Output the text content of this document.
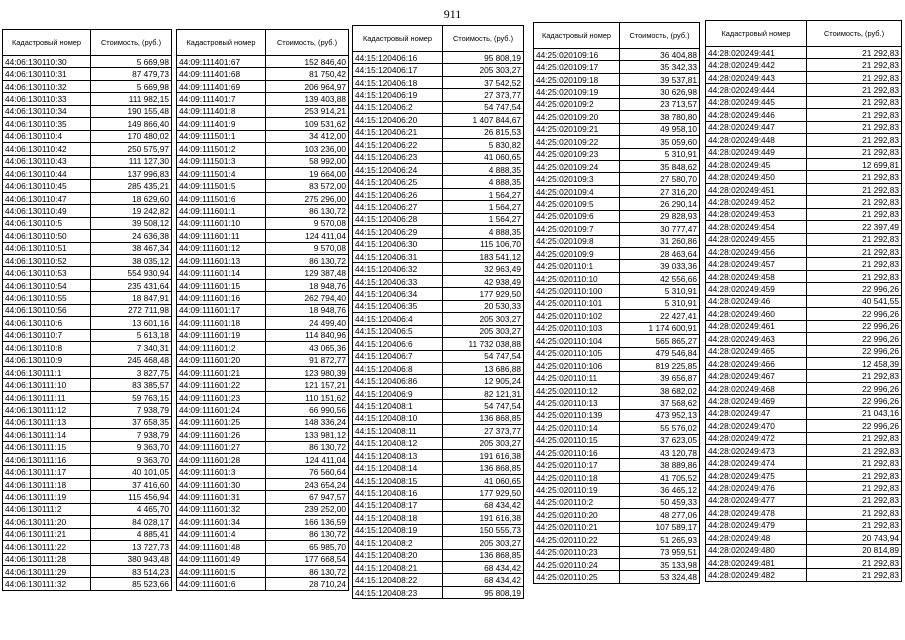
911
Кадастровый номер	Стоимость, (руб.)
44:06:130110:30	5 669,98
44:06:130110:31	87 479,73
44:06:130110:32	5 669,98
44:06:130110:33	111 982,15
44:06:130110:34	190 155,48
44:06:130110:35	149 866,40
44:06:130110:4	170 480,02
44:06:130110:42	250 575,97
44:06:130110:43	111 127,30
44:06:130110:44	137 996,83
44:06:130110:45	285 435,21
44:06:130110:47	18 629,60
44:06:130110:49	19 242,82
44:06:130110:5	39 508,12
44:06:130110:50	24 636,38
44:06:130110:51	38 467,34
44:06:130110:52	38 035,12
44:06:130110:53	554 930,94
44:06:130110:54	235 431,64
44:06:130110:55	18 847,91
44:06:130110:56	272 711,98
44:06:130110:6	13 601,16
44:06:130110:7	5 613,18
44:06:130110:8	7 340,31
44:06:130110:9	245 468,48
44:06:130111:1	3 827,75
44:06:130111:10	83 385,57
44:06:130111:11	59 763,15
44:06:130111:12	7 938,79
44:06:130111:13	37 658,35
44:06:130111:14	7 938,79
44:06:130111:15	9 363,70
44:06:130111:16	9 363,70
44:06:130111:17	40 101,05
44:06:130111:18	37 416,60
44:06:130111:19	115 456,94
44:06:130111:2	4 465,70
44:06:130111:20	84 028,17
44:06:130111:21	4 885,41
44:06:130111:22	13 727,73
44:06:130111:28	380 943,48
44:06:130111:29	83 514,23
44:06:130111:32	85 523,66
Кадастровый номер	Стоимость, (руб.)
44:09:111401:67	152 846,40
44:09:111401:68	81 750,42
44:09:111401:69	206 964,97
44:09:111401:7	139 403,88
44:09:111401:8	253 914,21
44:09:111401:9	109 531,62
44:09:111501:1	34 412,00
44:09:111501:2	103 236,00
44:09:111501:3	58 992,00
44:09:111501:4	19 664,00
44:09:111501:5	83 572,00
44:09:111501:6	275 296,00
44:09:111601:1	86 130,72
44:09:111601:10	9 570,08
44:09:111601:11	124 411,04
44:09:111601:12	9 570,08
44:09:111601:13	86 130,72
44:09:111601:14	129 387,48
44:09:111601:15	18 948,76
44:09:111601:16	262 794,40
44:09:111601:17	18 948,76
44:09:111601:18	24 499,40
44:09:111601:19	114 840,96
44:09:111601:2	43 065,36
44:09:111601:20	91 872,77
44:09:111601:21	123 980,39
44:09:111601:22	121 157,21
44:09:111601:23	110 151,62
44:09:111601:24	66 990,56
44:09:111601:25	148 336,24
44:09:111601:26	133 981,12
44:09:111601:27	86 130,72
44:09:111601:28	124 411,04
44:09:111601:3	76 560,64
44:09:111601:30	243 654,24
44:09:111601:31	67 947,57
44:09:111601:32	239 252,00
44:09:111601:34	166 136,59
44:09:111601:4	86 130,72
44:09:111601:48	65 985,70
44:09:111601:49	177 668,54
44:09:111601:5	86 130,72
44:09:111601:6	28 710,24
Кадастровый номер	Стоимость, (руб.)
44:15:120406:16	95 808,19
44:15:120406:17	205 303,27
44:15:120406:18	37 542,52
44:15:120406:19	27 373,77
44:15:120406:2	54 747,54
44:15:120406:20	1 407 844,67
44:15:120406:21	26 815,53
44:15:120406:22	5 830,82
44:15:120406:23	41 060,65
44:15:120406:24	4 888,35
44:15:120406:25	4 888,35
44:15:120406:26	1 564,27
44:15:120406:27	1 564,27
44:15:120406:28	1 564,27
44:15:120406:29	4 888,35
44:15:120406:30	115 106,70
44:15:120406:31	183 541,12
44:15:120406:32	32 963,49
44:15:120406:33	42 938,49
44:15:120406:34	177 929,50
44:15:120406:35	20 530,33
44:15:120406:4	205 303,27
44:15:120406:5	205 303,27
44:15:120406:6	11 732 038,88
44:15:120406:7	54 747,54
44:15:120406:8	13 686,88
44:15:120406:86	12 905,24
44:15:120406:9	82 121,31
44:15:120408:1	54 747,54
44:15:120408:10	136 868,85
44:15:120408:11	27 373,77
44:15:120408:12	205 303,27
44:15:120408:13	191 616,38
44:15:120408:14	136 868,85
44:15:120408:15	41 060,65
44:15:120408:16	177 929,50
44:15:120408:17	68 434,42
44:15:120408:18	191 616,38
44:15:120408:19	150 555,73
44:15:120408:2	205 303,27
44:15:120408:20	136 868,85
44:15:120408:21	68 434,42
44:15:120408:22	68 434,42
44:15:120408:23	95 808,19
Кадастровый номер	Стоимость, (руб.)
44:25:020109:16	36 404,88
44:25:020109:17	35 342,33
44:25:020109:18	39 537,81
44:25:020109:19	30 626,98
44:25:020109:2	23 713,57
44:25:020109:20	38 780,80
44:25:020109:21	49 958,10
44:25:020109:22	35 059,60
44:25:020109:23	5 310,91
44:25:020109:24	35 848,62
44:25:020109:3	27 580,70
44:25:020109:4	27 316,20
44:25:020109:5	26 290,14
44:25:020109:6	29 828,93
44:25:020109:7	30 777,47
44:25:020109:8	31 260,86
44:25:020109:9	28 463,64
44:25:020110:1	39 033,36
44:25:020110:10	42 556,66
44:25:020110:100	5 310,91
44:25:020110:101	5 310,91
44:25:020110:102	22 427,41
44:25:020110:103	1 174 600,91
44:25:020110:104	565 865,27
44:25:020110:105	479 546,84
44:25:020110:106	819 225,85
44:25:020110:11	39 656,87
44:25:020110:12	38 682,02
44:25:020110:13	37 568,62
44:25:020110:139	473 952,13
44:25:020110:14	55 576,02
44:25:020110:15	37 623,05
44:25:020110:16	43 120,78
44:25:020110:17	38 889,86
44:25:020110:18	41 705,52
44:25:020110:19	36 465,12
44:25:020110:2	50 459,33
44:25:020110:20	48 277,06
44:25:020110:21	107 589,17
44:25:020110:22	51 265,93
44:25:020110:23	73 959,51
44:25:020110:24	35 133,98
44:25:020110:25	53 324,48
Кадастровый номер	Стоимость, (руб.)
44:28:020249:441	21 292,83
44:28:020249:442	21 292,83
44:28:020249:443	21 292,83
44:28:020249:444	21 292,83
44:28:020249:445	21 292,83
44:28:020249:446	21 292,83
44:28:020249:447	21 292,83
44:28:020249:448	21 292,83
44:28:020249:449	21 292,83
44:28:020249:45	12 699,81
44:28:020249:450	21 292,83
44:28:020249:451	21 292,83
44:28:020249:452	21 292,83
44:28:020249:453	21 292,83
44:28:020249:454	22 397,49
44:28:020249:455	21 292,83
44:28:020249:456	21 292,83
44:28:020249:457	21 292,83
44:28:020249:458	21 292,83
44:28:020249:459	22 996,26
44:28:020249:46	40 541,55
44:28:020249:460	22 996,26
44:28:020249:461	22 996,26
44:28:020249:463	22 996,26
44:28:020249:465	22 996,26
44:28:020249:466	12 458,39
44:28:020249:467	21 292,83
44:28:020249:468	22 996,26
44:28:020249:469	22 996,26
44:28:020249:47	21 043,16
44:28:020249:470	22 996,26
44:28:020249:472	21 292,83
44:28:020249:473	21 292,83
44:28:020249:474	21 292,83
44:28:020249:475	21 292,83
44:28:020249:476	21 292,83
44:28:020249:477	21 292,83
44:28:020249:478	21 292,83
44:28:020249:479	21 292,83
44:28:020249:48	20 743,94
44:28:020249:480	20 814,89
44:28:020249:481	21 292,83
44:28:020249:482	21 292,83
